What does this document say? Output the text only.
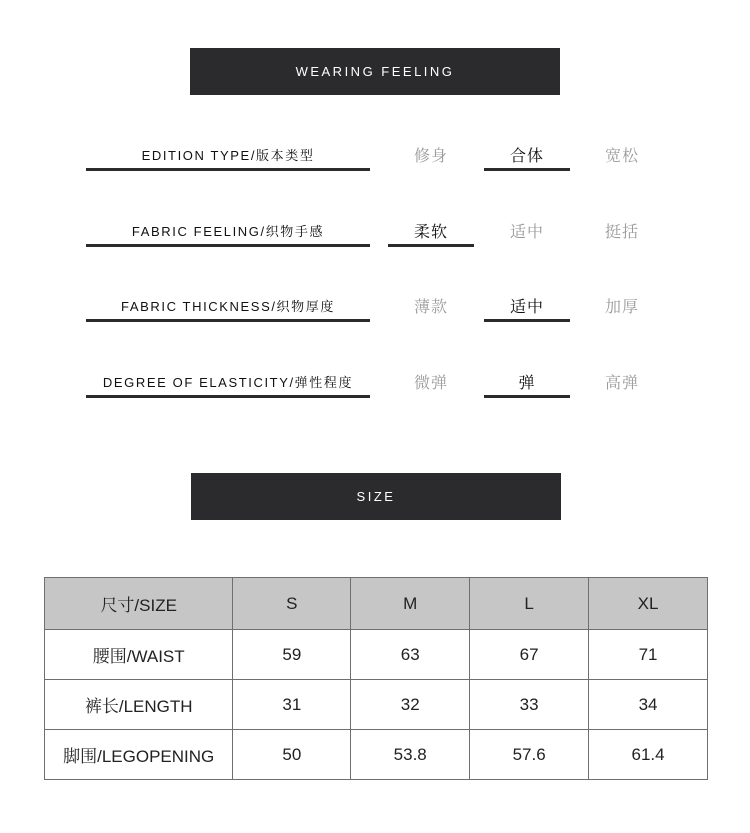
WEARING FEELING
EDITION TYPE/版本类型	修身	合体	宽松
FABRIC FEELING/织物手感	柔软	适中	挺括
FABRIC THICKNESS/织物厚度	薄款	适中	加厚
DEGREE OF ELASTICITY/弹性程度	微弹	弹	高弹
SIZE
尺寸/SIZE	S	M	L	XL
腰围/WAIST	59	63	67	71
裤长/LENGTH	31	32	33	34
脚围/LEGOPENING	50	53.8	57.6	61.4
